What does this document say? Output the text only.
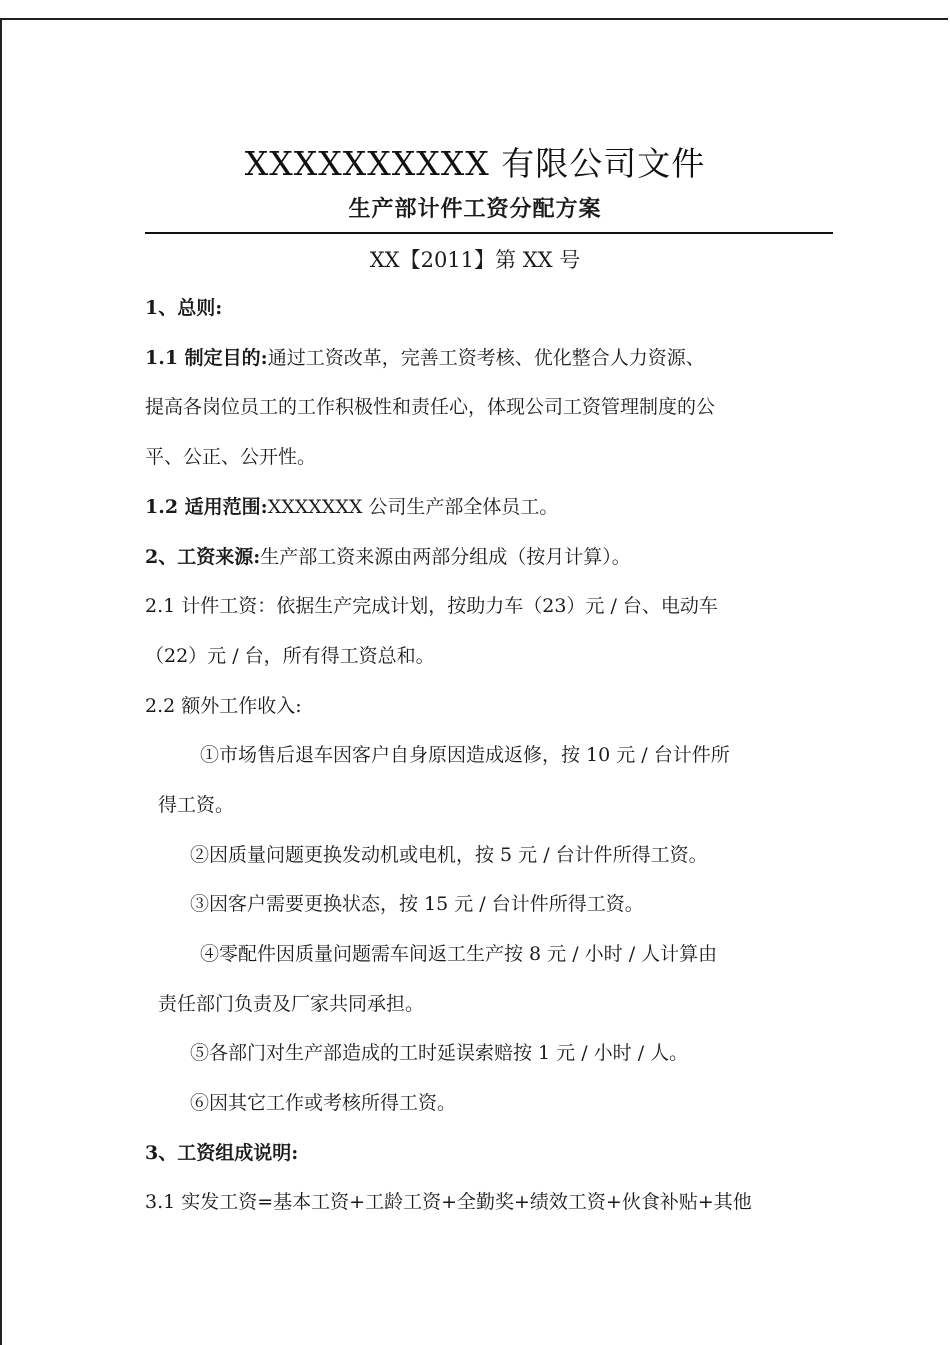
XXXXXXXXXX 有限公司文件
生产部计件工资分配方案
XX【2011】第 XX 号
1、总则:
1.1 制定目的:通过工资改革，完善工资考核、优化整合人力资源、
提高各岗位员工的工作积极性和责任心，体现公司工资管理制度的公
平、公正、公开性。
1.2 适用范围:XXXXXXX 公司生产部全体员工。
2、工资来源:生产部工资来源由两部分组成（按月计算）。
2.1 计件工资：依据生产完成计划，按助力车（23）元 / 台、电动车
（22）元 / 台，所有得工资总和。
2.2 额外工作收入:
①市场售后退车因客户自身原因造成返修，按 10 元 / 台计件所
得工资。
②因质量问题更换发动机或电机，按 5 元 / 台计件所得工资。
③因客户需要更换状态，按 15 元 / 台计件所得工资。
④零配件因质量问题需车间返工生产按 8 元 / 小时 / 人计算由
责任部门负责及厂家共同承担。
⑤各部门对生产部造成的工时延误索赔按 1 元 / 小时 / 人。
⑥因其它工作或考核所得工资。
3、工资组成说明:
3.1 实发工资=基本工资+工龄工资+全勤奖+绩效工资+伙食补贴+其他
